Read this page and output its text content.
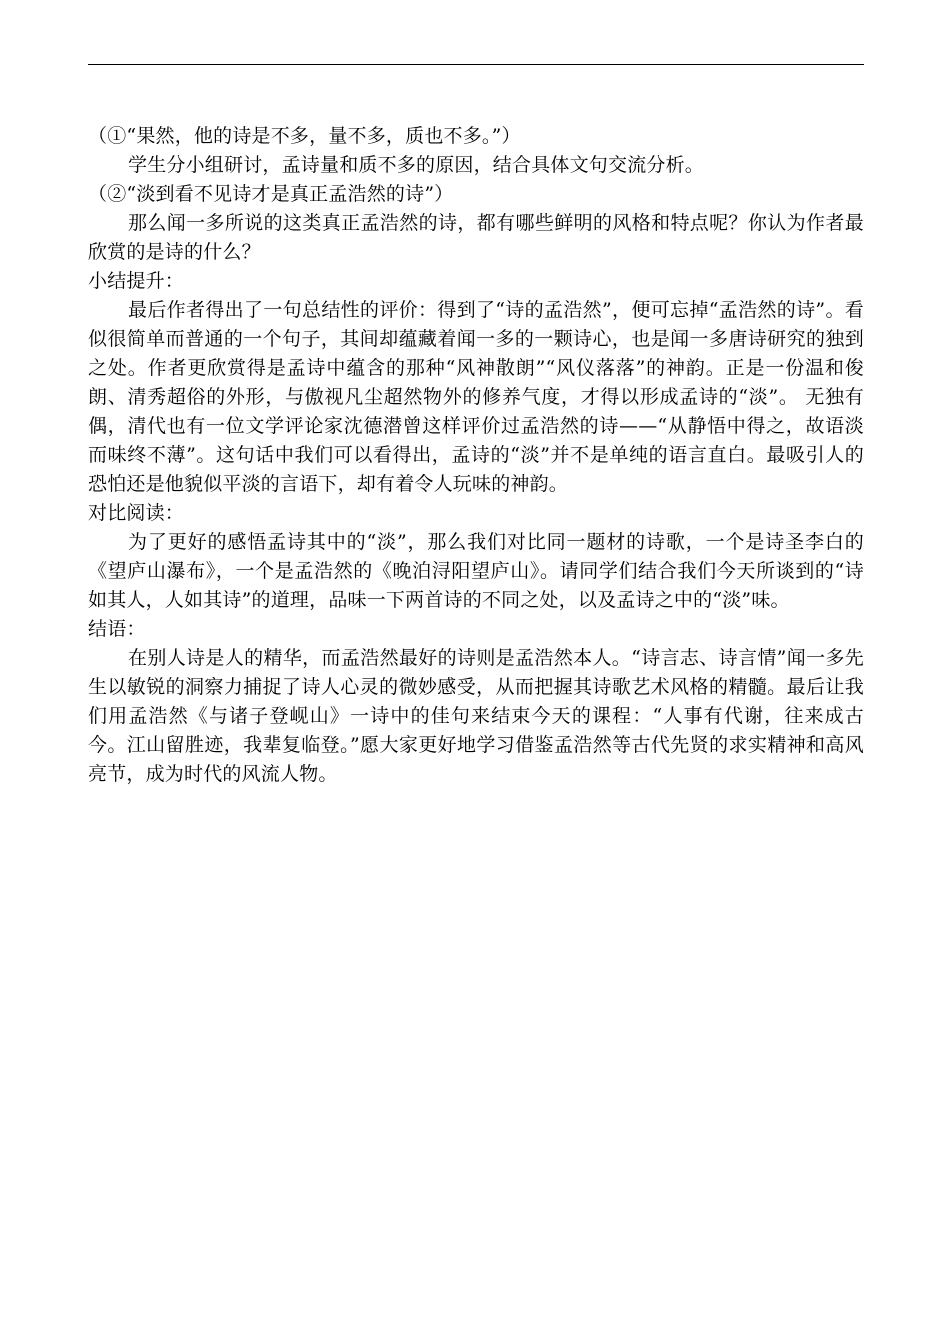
（①“果然，他的诗是不多，量不多，质也不多。”）

学生分小组研讨，孟诗量和质不多的原因，结合具体文句交流分析。

（②“淡到看不见诗才是真正孟浩然的诗”）

那么闻一多所说的这类真正孟浩然的诗，都有哪些鲜明的风格和特点呢？你认为作者最欣赏的是诗的什么？

小结提升：

最后作者得出了一句总结性的评价：得到了“诗的孟浩然”，便可忘掉“孟浩然的诗”。看似很简单而普通的一个句子，其间却蕴藏着闻一多的一颗诗心，也是闻一多唐诗研究的独到之处。作者更欣赏得是孟诗中蕴含的那种“风神散朗”“风仪落落”的神韵。正是一份温和俊朗、清秀超俗的外形，与傲视凡尘超然物外的修养气度，才得以形成孟诗的“淡”。 无独有偶，清代也有一位文学评论家沈德潜曾这样评价过孟浩然的诗——“从静悟中得之，故语淡而味终不薄”。这句话中我们可以看得出，孟诗的“淡”并不是单纯的语言直白。最吸引人的恐怕还是他貌似平淡的言语下，却有着令人玩味的神韵。

对比阅读：

为了更好的感悟孟诗其中的“淡”，那么我们对比同一题材的诗歌，一个是诗圣李白的《望庐山瀑布》，一个是孟浩然的《晚泊浔阳望庐山》。请同学们结合我们今天所谈到的“诗如其人，人如其诗”的道理，品味一下两首诗的不同之处，以及孟诗之中的“淡”味。

结语：

在别人诗是人的精华，而孟浩然最好的诗则是孟浩然本人。“诗言志、诗言情”闻一多先生以敏锐的洞察力捕捉了诗人心灵的微妙感受，从而把握其诗歌艺术风格的精髓。最后让我们用孟浩然《与诸子登岘山》一诗中的佳句来结束今天的课程：“人事有代谢，往来成古今。江山留胜迹，我辈复临登。”愿大家更好地学习借鉴孟浩然等古代先贤的求实精神和高风亮节，成为时代的风流人物。
